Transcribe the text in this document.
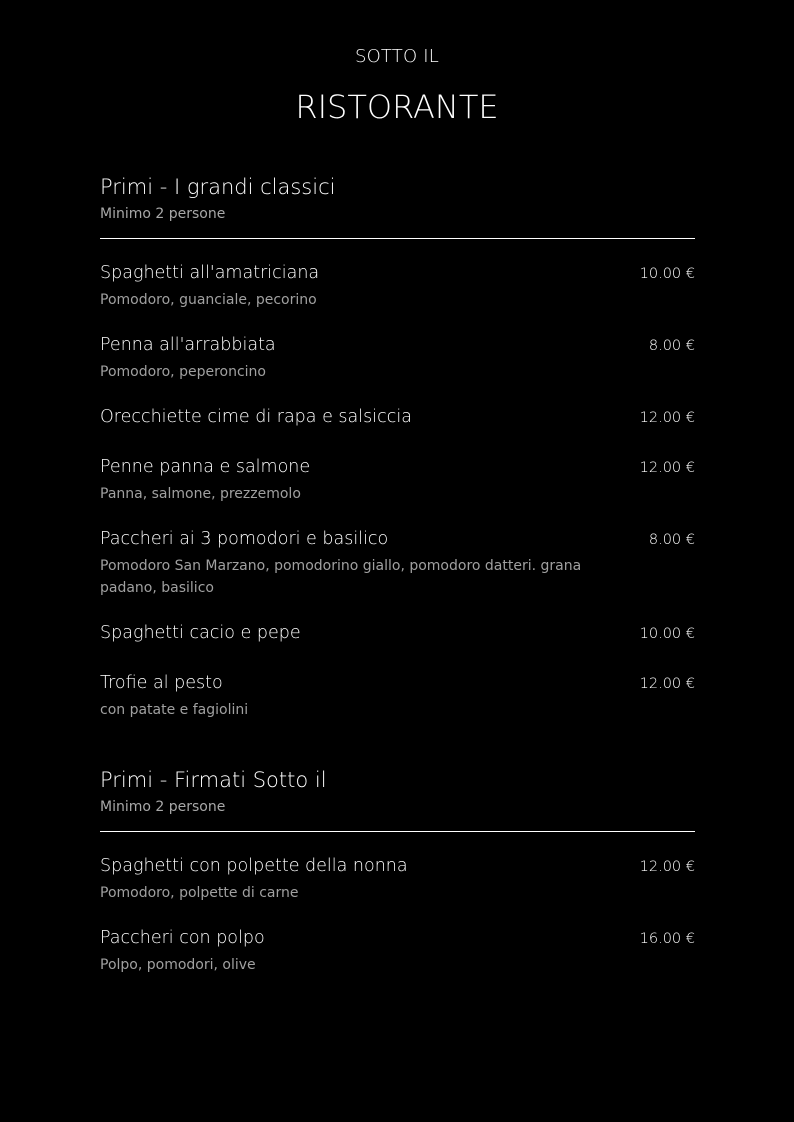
SOTTO IL
RISTORANTE
Primi - I grandi classici
Minimo 2 persone
Spaghetti all'amatriciana	10.00 €
Pomodoro, guanciale, pecorino
Penna all'arrabbiata	8.00 €
Pomodoro, peperoncino
Orecchiette cime di rapa e salsiccia	12.00 €
Penne panna e salmone	12.00 €
Panna, salmone, prezzemolo
Paccheri ai 3 pomodori e basilico	8.00 €
Pomodoro San Marzano, pomodorino giallo, pomodoro datteri. grana padano, basilico
Spaghetti cacio e pepe	10.00 €
Trofie al pesto	12.00 €
con patate e fagiolini
Primi - Firmati Sotto il
Minimo 2 persone
Spaghetti con polpette della nonna	12.00 €
Pomodoro, polpette di carne
Paccheri con polpo	16.00 €
Polpo, pomodori, olive
